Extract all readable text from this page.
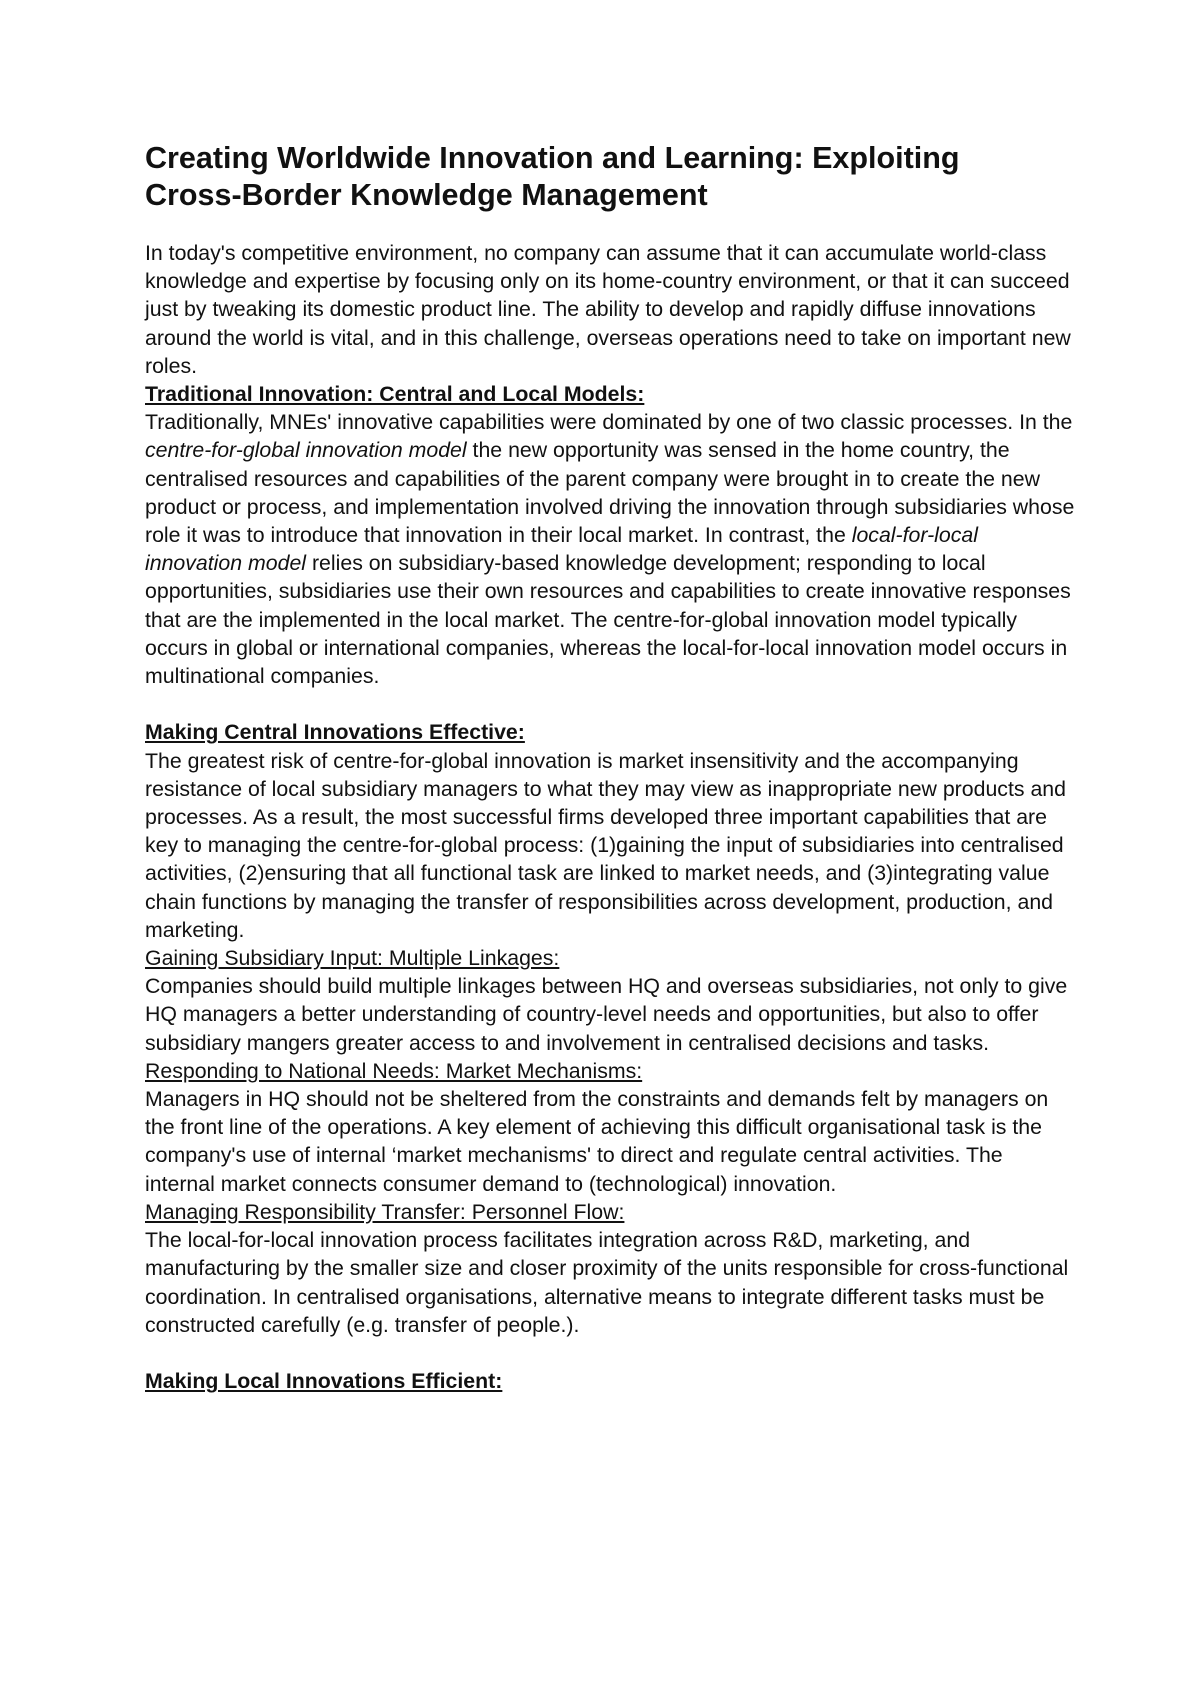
Creating Worldwide Innovation and Learning: Exploiting
Cross-Border Knowledge Management

In today's competitive environment, no company can assume that it can accumulate world-class knowledge and expertise by focusing only on its home-country environment, or that it can succeed just by tweaking its domestic product line. The ability to develop and rapidly diffuse innovations around the world is vital, and in this challenge, overseas operations need to take on important new roles.

Traditional Innovation: Central and Local Models:

Traditionally, MNEs' innovative capabilities were dominated by one of two classic processes. In the centre-for-global innovation model the new opportunity was sensed in the home country, the centralised resources and capabilities of the parent company were brought in to create the new product or process, and implementation involved driving the innovation through subsidiaries whose role it was to introduce that innovation in their local market. In contrast, the local-for-local innovation model relies on subsidiary-based knowledge development; responding to local opportunities, subsidiaries use their own resources and capabilities to create innovative responses that are the implemented in the local market. The centre-for-global innovation model typically occurs in global or international companies, whereas the local-for-local innovation model occurs in multinational companies.

Making Central Innovations Effective:

The greatest risk of centre-for-global innovation is market insensitivity and the accompanying resistance of local subsidiary managers to what they may view as inappropriate new products and processes. As a result, the most successful firms developed three important capabilities that are key to managing the centre-for-global process: (1)gaining the input of subsidiaries into centralised activities, (2)ensuring that all functional task are linked to market needs, and (3)integrating value chain functions by managing the transfer of responsibilities across development, production, and marketing.

Gaining Subsidiary Input: Multiple Linkages:

Companies should build multiple linkages between HQ and overseas subsidiaries, not only to give HQ managers a better understanding of country-level needs and opportunities, but also to offer subsidiary mangers greater access to and involvement in centralised decisions and tasks.

Responding to National Needs: Market Mechanisms:

Managers in HQ should not be sheltered from the constraints and demands felt by managers on the front line of the operations. A key element of achieving this difficult organisational task is the company's use of internal ‘market mechanisms' to direct and regulate central activities. The internal market connects consumer demand to (technological) innovation.

Managing Responsibility Transfer: Personnel Flow:

The local-for-local innovation process facilitates integration across R&D, marketing, and manufacturing by the smaller size and closer proximity of the units responsible for cross-functional coordination. In centralised organisations, alternative means to integrate different tasks must be constructed carefully (e.g. transfer of people.).

Making Local Innovations Efficient:
